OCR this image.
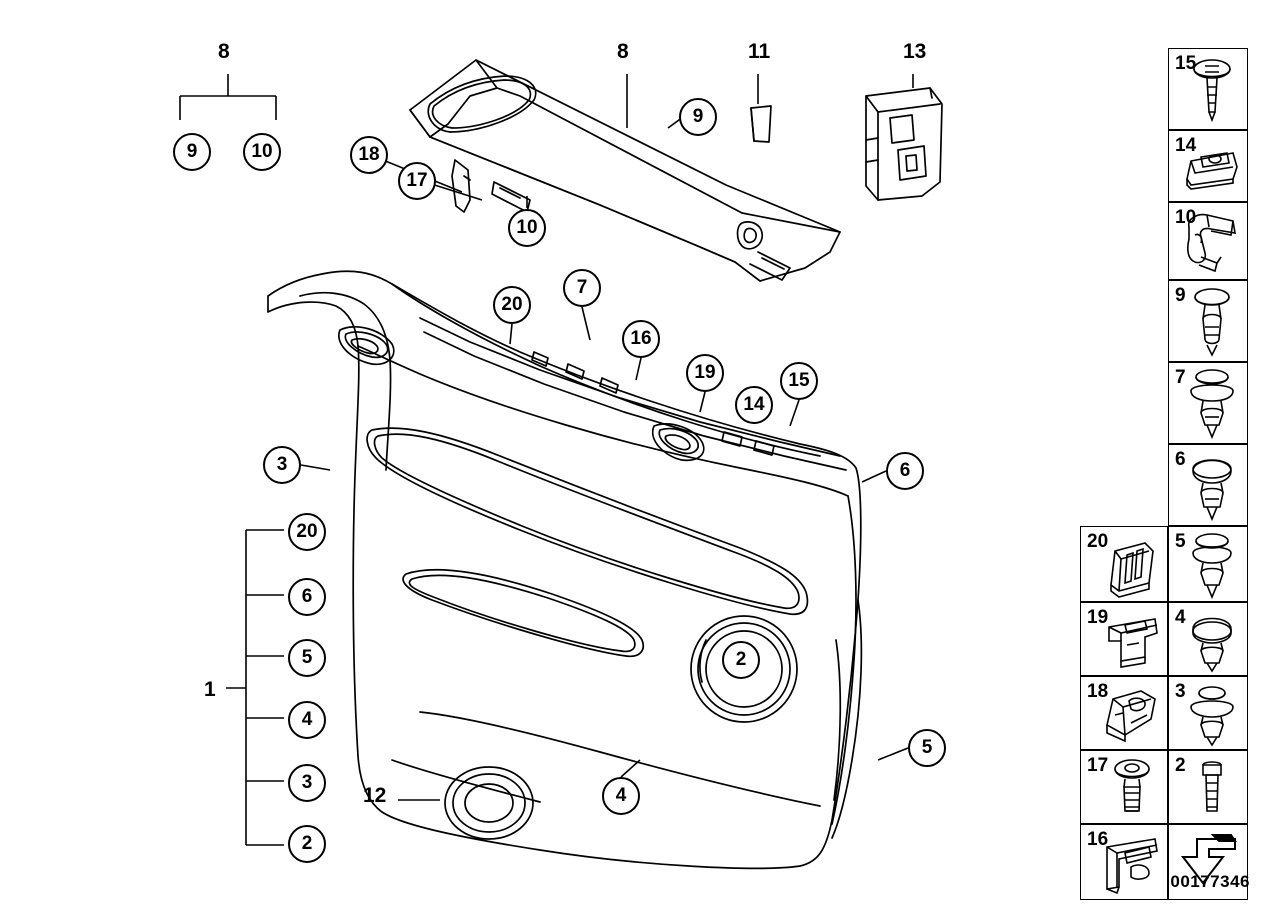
8
9	10
8	11	13
9
18
17
10
7
20
16
19	15
14
3	6
20
6
5	2
1
4
5
3
12	4
2
15
14
10
9
7
6
20	5
19	4
18	3
17	2
16
00177346
